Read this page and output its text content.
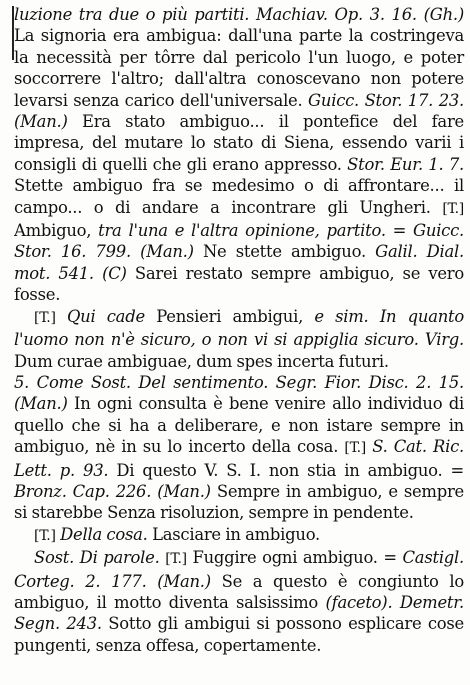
luzione tra due o più partiti. Machiav. Op. 3. 16. (Gh.) La signoria era ambigua: dall'una parte la costringeva la necessità per tôrre dal pericolo l'un luogo, e poter soccorrere l'altro; dall'altra conoscevano non potere levarsi senza carico dell'universale. Guicc. Stor. 17. 23. (Man.) Era stato ambiguo... il pontefice del fare impresa, del mutare lo stato di Siena, essendo varii i consigli di quelli che gli erano appresso. Stor. Eur. 1. 7. Stette ambiguo fra se medesimo o di affrontare... il campo... o di andare a incontrare gli Ungheri. [T.] Ambiguo, tra l'una e l'altra opinione, partito. = Guicc. Stor. 16. 799. (Man.) Ne stette ambiguo. Galil. Dial. mot. 541. (C) Sarei restato sempre ambiguo, se vero fosse.

[T.] Qui cade Pensieri ambigui, e sim. In quanto l'uomo non n'è sicuro, o non vi si appiglia sicuro. Virg. Dum curae ambiguae, dum spes incerta futuri.

5. Come Sost. Del sentimento. Segr. Fior. Disc. 2. 15. (Man.) In ogni consulta è bene venire allo individuo di quello che si ha a deliberare, e non istare sempre in ambiguo, nè in su lo incerto della cosa. [T.] S. Cat. Ric. Lett. p. 93. Di questo V. S. I. non stia in ambiguo. = Bronz. Cap. 226. (Man.) Sempre in ambiguo, e sempre si starebbe Senza risoluzion, sempre in pendente.

[T.] Della cosa. Lasciare in ambiguo.

Sost. Di parole. [T.] Fuggire ogni ambiguo. = Castigl. Corteg. 2. 177. (Man.) Se a questo è congiunto lo ambiguo, il motto diventa salsissimo (faceto). Demetr. Segn. 243. Sotto gli ambigui si possono esplicare cose pungenti, senza offesa, copertamente.
